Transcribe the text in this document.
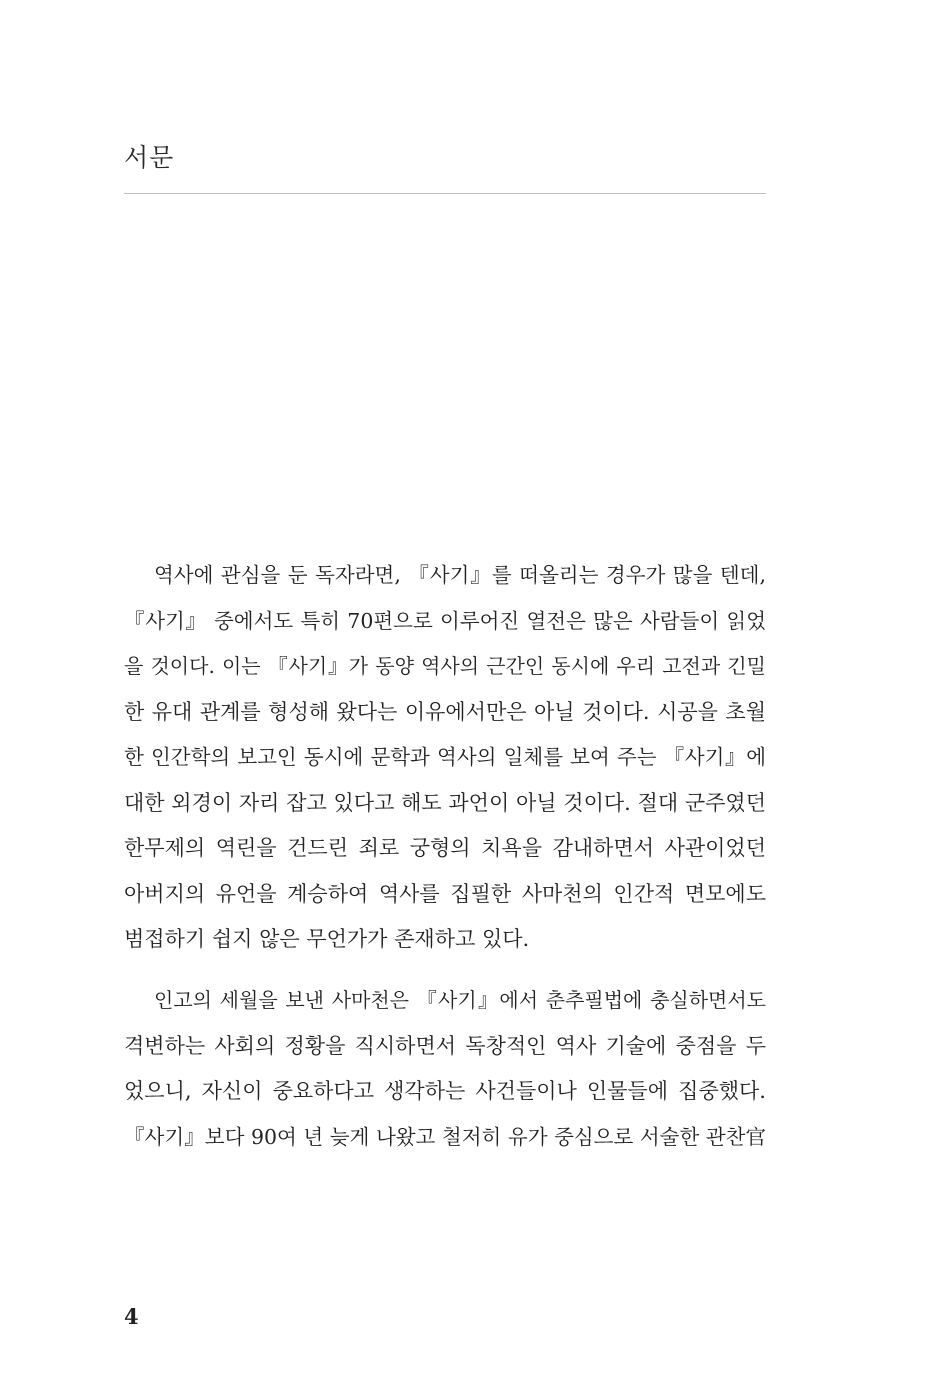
서문
역사에 관심을 둔 독자라면, 『사기』를 떠올리는 경우가 많을 텐데,
『사기』 중에서도 특히 70편으로 이루어진 열전은 많은 사람들이 읽었
을 것이다. 이는 『사기』가 동양 역사의 근간인 동시에 우리 고전과 긴밀
한 유대 관계를 형성해 왔다는 이유에서만은 아닐 것이다. 시공을 초월
한 인간학의 보고인 동시에 문학과 역사의 일체를 보여 주는 『사기』에
대한 외경이 자리 잡고 있다고 해도 과언이 아닐 것이다. 절대 군주였던
한무제의 역린을 건드린 죄로 궁형의 치욕을 감내하면서 사관이었던
아버지의 유언을 계승하여 역사를 집필한 사마천의 인간적 면모에도
범접하기 쉽지 않은 무언가가 존재하고 있다.
인고의 세월을 보낸 사마천은 『사기』에서 춘추필법에 충실하면서도
격변하는 사회의 정황을 직시하면서 독창적인 역사 기술에 중점을 두
었으니, 자신이 중요하다고 생각하는 사건들이나 인물들에 집중했다.
『사기』보다 90여 년 늦게 나왔고 철저히 유가 중심으로 서술한 관찬官
4
